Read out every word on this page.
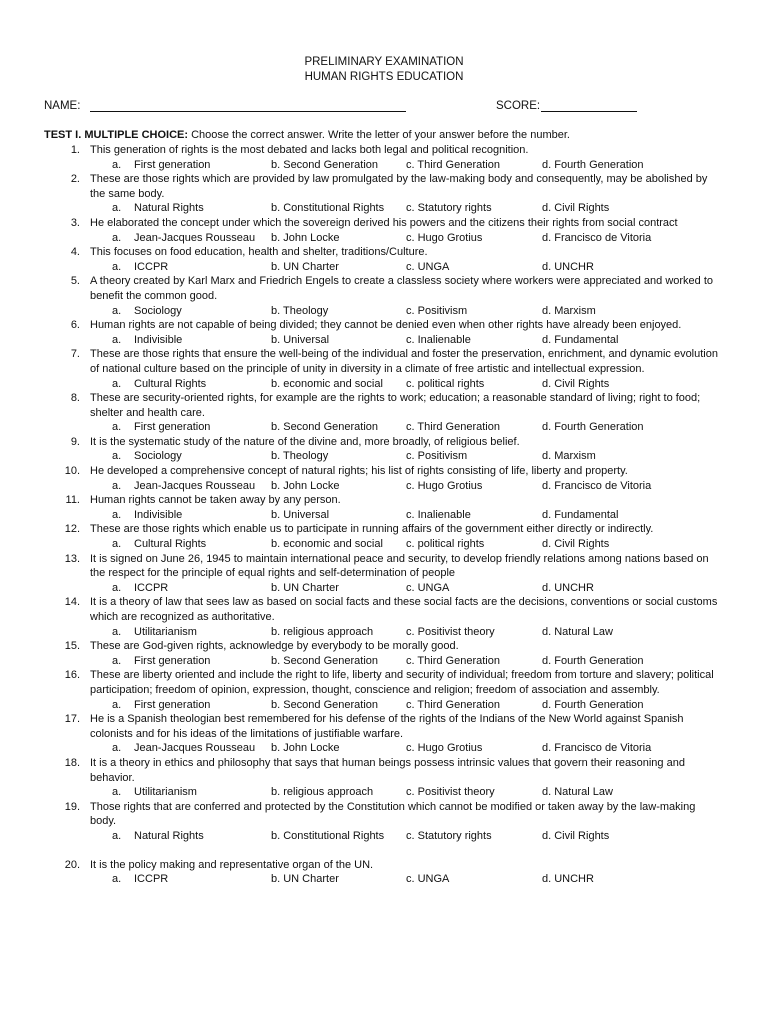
PRELIMINARY EXAMINATION
HUMAN RIGHTS EDUCATION
NAME:	SCORE:
TEST I. MULTIPLE CHOICE: Choose the correct answer. Write the letter of your answer before the number.
1. This generation of rights is the most debated and lacks both legal and political recognition.
a. First generation	b. Second Generation	c. Third Generation	d. Fourth Generation
2. These are those rights which are provided by law promulgated by the law-making body and consequently, may be abolished by the same body.
a. Natural Rights	b. Constitutional Rights c. Statutory rights	d. Civil Rights
3. He elaborated the concept under which the sovereign derived his powers and the citizens their rights from social contract
a. Jean-Jacques Rousseau b. John Locke	c. Hugo Grotius	d. Francisco de Vitoria
4. This focuses on food education, health and shelter, traditions/Culture.
a. ICCPR	b. UN Charter	c. UNGA	d. UNCHR
5. A theory created by Karl Marx and Friedrich Engels to create a classless society where workers were appreciated and worked to benefit the common good.
a. Sociology	b. Theology	c. Positivism	d. Marxism
6. Human rights are not capable of being divided; they cannot be denied even when other rights have already been enjoyed.
a. Indivisible	b. Universal	c. Inalienable	d. Fundamental
7. These are those rights that ensure the well-being of the individual and foster the preservation, enrichment, and dynamic evolution of national culture based on the principle of unity in diversity in a climate of free artistic and intellectual expression.
a. Cultural Rights	b. economic and social c. political rights	d. Civil Rights
8. These are security-oriented rights, for example are the rights to work; education; a reasonable standard of living; right to food; shelter and health care.
a. First generation	b. Second Generation	c. Third Generation	d. Fourth Generation
9. It is the systematic study of the nature of the divine and, more broadly, of religious belief.
a. Sociology	b. Theology	c. Positivism	d. Marxism
10. He developed a comprehensive concept of natural rights; his list of rights consisting of life, liberty and property.
a. Jean-Jacques Rousseau b. John Locke	c. Hugo Grotius	d. Francisco de Vitoria
11. Human rights cannot be taken away by any person.
a. Indivisible	b. Universal	c. Inalienable	d. Fundamental
12. These are those rights which enable us to participate in running affairs of the government either directly or indirectly.
a. Cultural Rights	b. economic and social c. political rights	d. Civil Rights
13. It is signed on June 26, 1945 to maintain international peace and security, to develop friendly relations among nations based on the respect for the principle of equal rights and self-determination of people
a. ICCPR	b. UN Charter	c. UNGA	d. UNCHR
14. It is a theory of law that sees law as based on social facts and these social facts are the decisions, conventions or social customs which are recognized as authoritative.
a. Utilitarianism	b. religious approach	c. Positivist theory	d. Natural Law
15. These are God-given rights, acknowledge by everybody to be morally good.
a. First generation	b. Second Generation	c. Third Generation	d. Fourth Generation
16. These are liberty oriented and include the right to life, liberty and security of individual; freedom from torture and slavery; political participation; freedom of opinion, expression, thought, conscience and religion; freedom of association and assembly.
a. First generation	b. Second Generation	c. Third Generation	d. Fourth Generation
17. He is a Spanish theologian best remembered for his defense of the rights of the Indians of the New World against Spanish colonists and for his ideas of the limitations of justifiable warfare.
a. Jean-Jacques Rousseau b. John Locke	c. Hugo Grotius	d. Francisco de Vitoria
18. It is a theory in ethics and philosophy that says that human beings possess intrinsic values that govern their reasoning and behavior.
a. Utilitarianism	b. religious approach	c. Positivist theory	d. Natural Law
19. Those rights that are conferred and protected by the Constitution which cannot be modified or taken away by the law-making body.
a. Natural Rights	b. Constitutional Rights c. Statutory rights	d. Civil Rights
20. It is the policy making and representative organ of the UN.
a. ICCPR	b. UN Charter	c. UNGA	d. UNCHR
